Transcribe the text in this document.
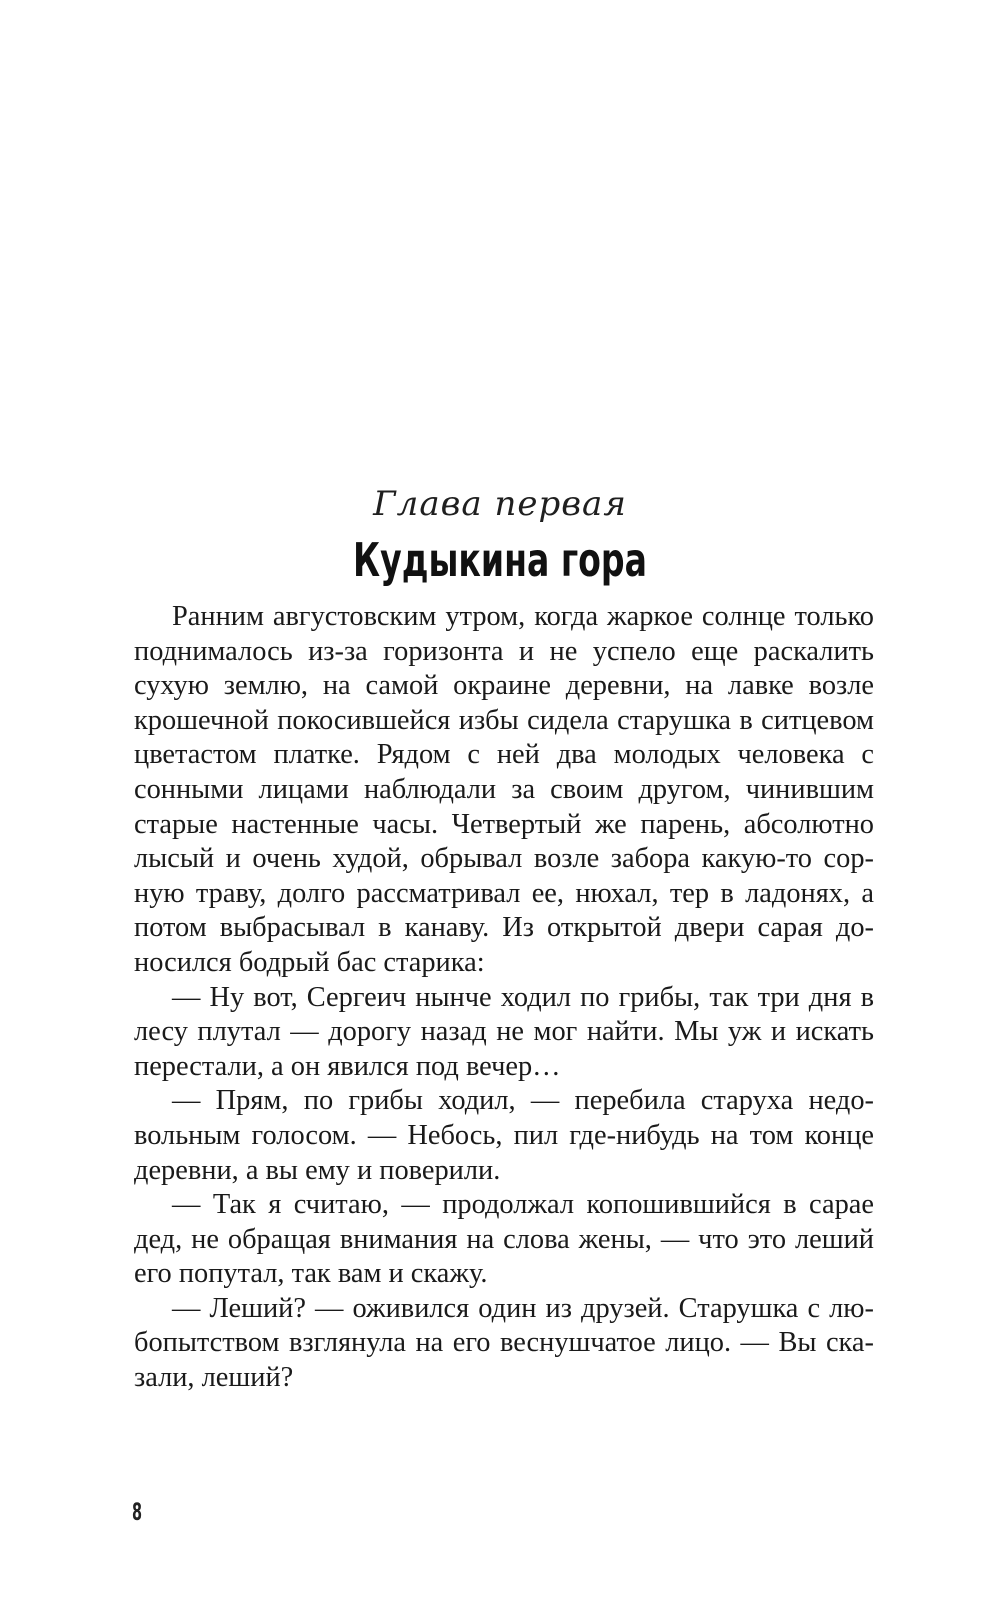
Глава первая
Кудыкина гора

Ранним августовским утром, когда жаркое солнце только поднималось из-за горизонта и не успело еще раскалить сухую землю, на самой окраине деревни, на лавке возле крошечной покосившейся избы сидела старушка в ситцевом цветастом платке. Рядом с ней два молодых человека с сонными лицами наблюдали за своим другом, чинившим старые настенные часы. Четвертый же парень, абсолютно лысый и очень худой, обрывал возле забора какую-то сорную траву, долго рассматривал ее, нюхал, тер в ладонях, а потом выбрасывал в канаву. Из открытой двери сарая доносился бодрый бас старика:

— Ну вот, Сергеич нынче ходил по грибы, так три дня в лесу плутал — дорогу назад не мог найти. Мы уж и искать перестали, а он явился под вечер…

— Прям, по грибы ходил, — перебила старуха недовольным голосом. — Небось, пил где-нибудь на том конце деревни, а вы ему и поверили.

— Так я считаю, — продолжал копошившийся в сарае дед, не обращая внимания на слова жены, — что это леший его попутал, так вам и скажу.

— Леший? — оживился один из друзей. Старушка с любопытством взглянула на его веснушчатое лицо. — Вы сказали, леший?

8
